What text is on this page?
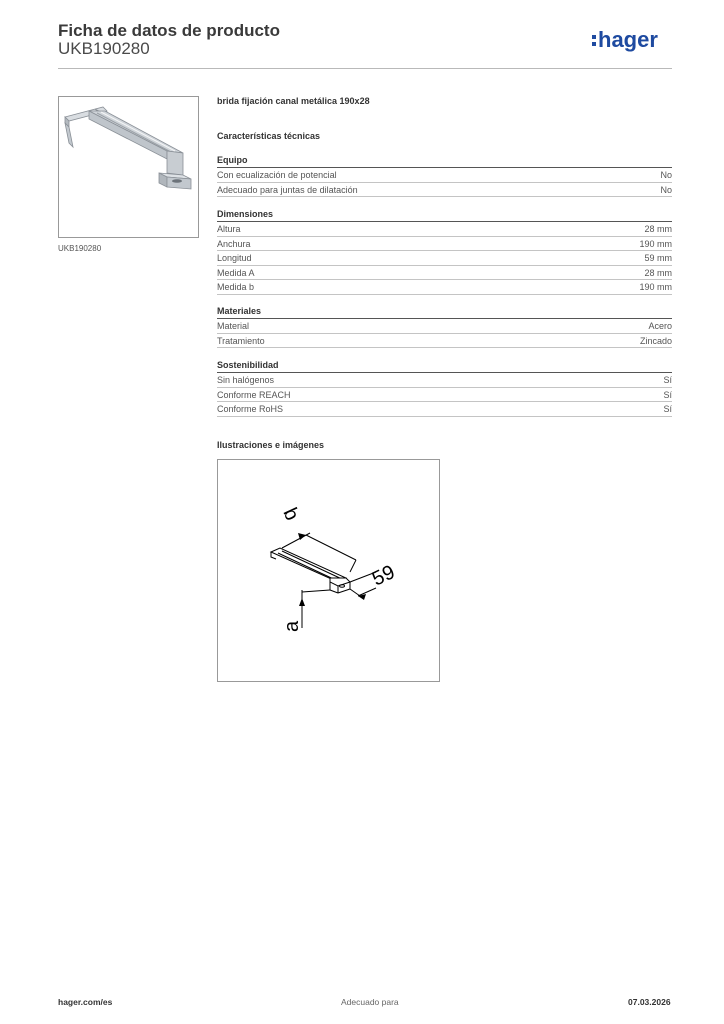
Ficha de datos de producto
UKB190280	hager
UKB190280
brida fijación canal metálica 190x28
Características técnicas
Equipo
Con ecualización de potencial	No
Adecuado para juntas de dilatación	No
Dimensiones
Altura	28 mm
Anchura	190 mm
Longitud	59 mm
Medida A	28 mm
Medida b	190 mm
Materiales
Material	Acero
Tratamiento	Zincado
Sostenibilidad
Sin halógenos	Sí
Conforme REACH	Sí
Conforme RoHS	Sí
Ilustraciones e imágenes
b
59
a
hager.com/es	Adecuado para	07.03.2026
